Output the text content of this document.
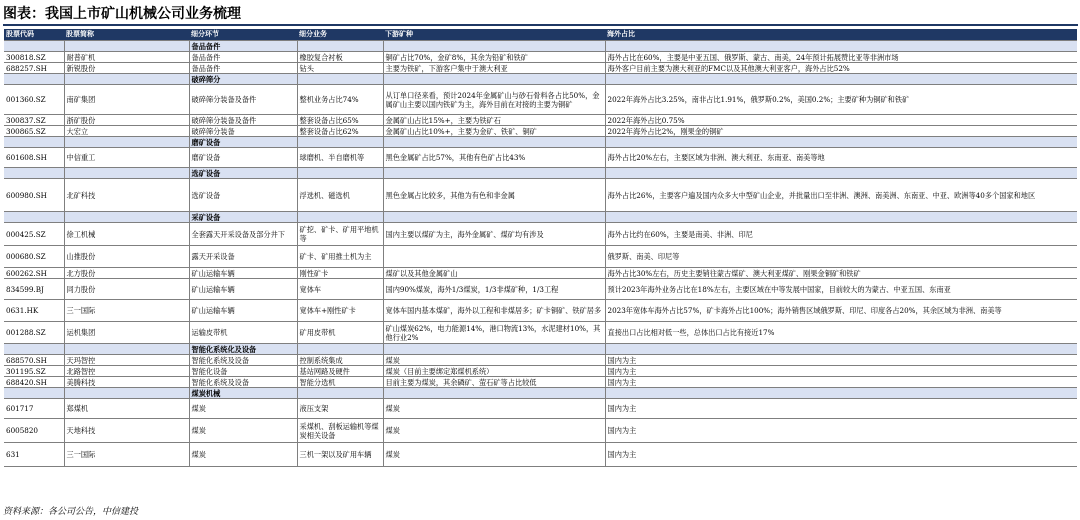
图表：我国上市矿山机械公司业务梳理
股票代码	股票简称	细分环节	细分业务	下游矿种	海外占比
		备品备件			
300818.SZ	耐普矿机	备品备件	橡胶复合衬板	铜矿占比70%，金矿8%，其余为铅矿和铁矿	海外占比在60%，主要是中亚五国、俄罗斯、蒙古、南美，24年预计拓展赞比亚等非洲市场
688257.SH	新锐股份	备品备件	钻头	主要为铁矿，下游客户集中于澳大利亚	海外客户目前主要为澳大利亚的FMC以及其他澳大利亚客户，海外占比52%
		破碎筛分			
001360.SZ	南矿集团	破碎筛分装备及备件	整机业务占比74%	从订单口径来看，预计2024年金属矿山与砂石骨料各占比50%，金属矿山主要以国内铁矿为主，海外目前在对接的主要为铜矿	2022年海外占比3.25%，南非占比1.91%，俄罗斯0.2%，美国0.2%；主要矿种为铜矿和铁矿
300837.SZ	浙矿股份	破碎筛分装备及备件	整套设备占比65%	金属矿山占比15%+，主要为铁矿石	2022年海外占比0.75%
300865.SZ	大宏立	破碎筛分装备	整套设备占比62%	金属矿山占比10%+，主要为金矿、铁矿、铜矿	2022年海外占比2%，刚果金的铜矿
		磨矿设备			
601608.SH	中信重工	磨矿设备	球磨机、半自磨机等	黑色金属矿占比57%，其他有色矿占比43%	海外占比20%左右，主要区域为非洲、澳大利亚、东南亚、南美等地
		选矿设备			
600980.SH	北矿科技	选矿设备	浮选机、磁选机	黑色金属占比较多，其他为有色和非金属	海外占比26%，主要客户遍及国内众多大中型矿山企业，并批量出口至非洲、澳洲、南美洲、东南亚、中亚、欧洲等40多个国家和地区
		采矿设备			
000425.SZ	徐工机械	全套露天开采设备及部分井下	矿挖、矿卡、矿用平地机等	国内主要以煤矿为主，海外金属矿、煤矿均有涉及	海外占比约在60%，主要是南美、非洲、印尼
000680.SZ	山推股份	露天开采设备	矿卡、矿用推土机为主		俄罗斯、南美、印尼等
600262.SH	北方股份	矿山运输车辆	刚性矿卡	煤矿以及其他金属矿山	海外占比30%左右，历史主要销往蒙古煤矿、澳大利亚煤矿、刚果金铜矿和铁矿
834599.BJ	同力股份	矿山运输车辆	宽体车	国内90%煤炭，海外1/3煤炭，1/3非煤矿种，1/3工程	预计2023年海外业务占比在18%左右，主要区域在中等发展中国家，目前较大的为蒙古、中亚五国、东南亚
0631.HK	三一国际	矿山运输车辆	宽体车+刚性矿卡	宽体车国内基本煤矿，海外以工程和非煤居多；矿卡铜矿、铁矿居多	2023年宽体车海外占比57%，矿卡海外占比100%；海外销售区域俄罗斯、印尼、印度各占20%，其余区域为非洲、南美等
001288.SZ	运机集团	运输皮带机	矿用皮带机	矿山煤炭62%，电力能源14%，港口物流13%，水泥建材10%，其他行业2%	直接出口占比相对低一些，总体出口占比有接近17%
		智能化系统化及设备			
688570.SH	天玛智控	智能化系统及设备	控制系统集成	煤炭	国内为主
301195.SZ	北路智控	智能化设备	基站网路及硬件	煤炭（目前主要绑定郑煤机系统）	国内为主
688420.SH	美腾科技	智能化系统及设备	智能分选机	目前主要为煤炭，其余磷矿、萤石矿等占比较低	国内为主
		煤炭机械			
601717	郑煤机	煤炭	液压支架	煤炭	国内为主
6005820	天地科技	煤炭	采煤机、刮板运输机等煤炭相关设备	煤炭	国内为主
631	三一国际	煤炭	三机一架以及矿用车辆	煤炭	国内为主
资料来源：各公司公告，中信建投
